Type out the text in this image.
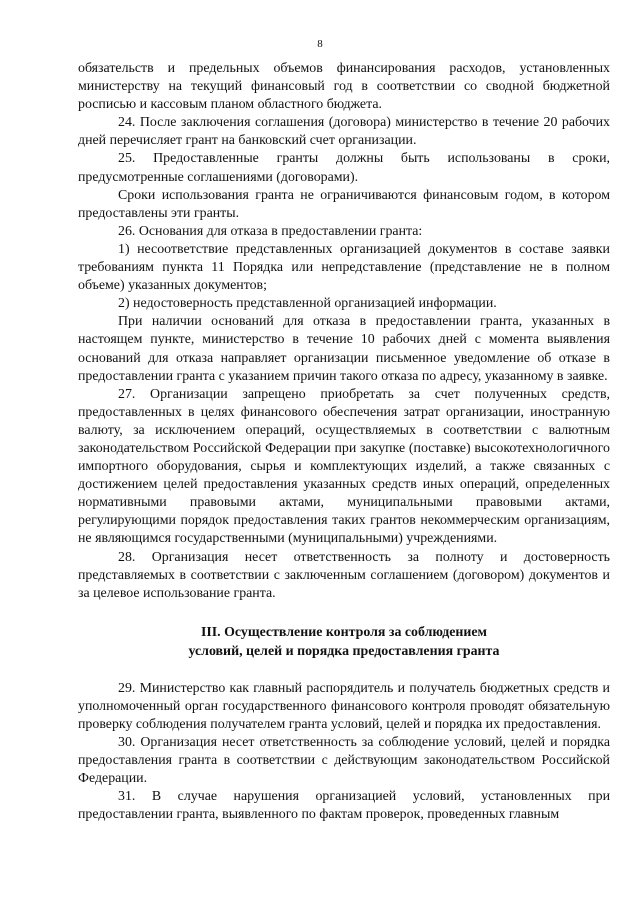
8

обязательств и предельных объемов финансирования расходов, установленных министерству на текущий финансовый год в соответствии со сводной бюджетной росписью и кассовым планом областного бюджета.

24. После заключения соглашения (договора) министерство в течение 20 рабочих дней перечисляет грант на банковский счет организации.

25. Предоставленные гранты должны быть использованы в сроки, предусмотренные соглашениями (договорами).

Сроки использования гранта не ограничиваются финансовым годом, в котором предоставлены эти гранты.

26. Основания для отказа в предоставлении гранта:

1) несоответствие представленных организацией документов в составе заявки требованиям пункта 11 Порядка или непредставление (представление не в полном объеме) указанных документов;

2) недостоверность представленной организацией информации.

При наличии оснований для отказа в предоставлении гранта, указанных в настоящем пункте, министерство в течение 10 рабочих дней с момента выявления оснований для отказа направляет организации письменное уведомление об отказе в предоставлении гранта с указанием причин такого отказа по адресу, указанному в заявке.

27. Организации запрещено приобретать за счет полученных средств, предоставленных в целях финансового обеспечения затрат организации, иностранную валюту, за исключением операций, осуществляемых в соответствии с валютным законодательством Российской Федерации при закупке (поставке) высокотехнологичного импортного оборудования, сырья и комплектующих изделий, а также связанных с достижением целей предоставления указанных средств иных операций, определенных нормативными правовыми актами, муниципальными правовыми актами, регулирующими порядок предоставления таких грантов некоммерческим организациям, не являющимся государственными (муниципальными) учреждениями.

28. Организация несет ответственность за полноту и достоверность представляемых в соответствии с заключенным соглашением (договором) документов и за целевое использование гранта.

III. Осуществление контроля за соблюдением
условий, целей и порядка предоставления гранта

29. Министерство как главный распорядитель и получатель бюджетных средств и уполномоченный орган государственного финансового контроля проводят обязательную проверку соблюдения получателем гранта условий, целей и порядка их предоставления.

30. Организация несет ответственность за соблюдение условий, целей и порядка предоставления гранта в соответствии с действующим законодательством Российской Федерации.

31. В случае нарушения организацией условий, установленных при предоставлении гранта, выявленного по фактам проверок, проведенных главным
